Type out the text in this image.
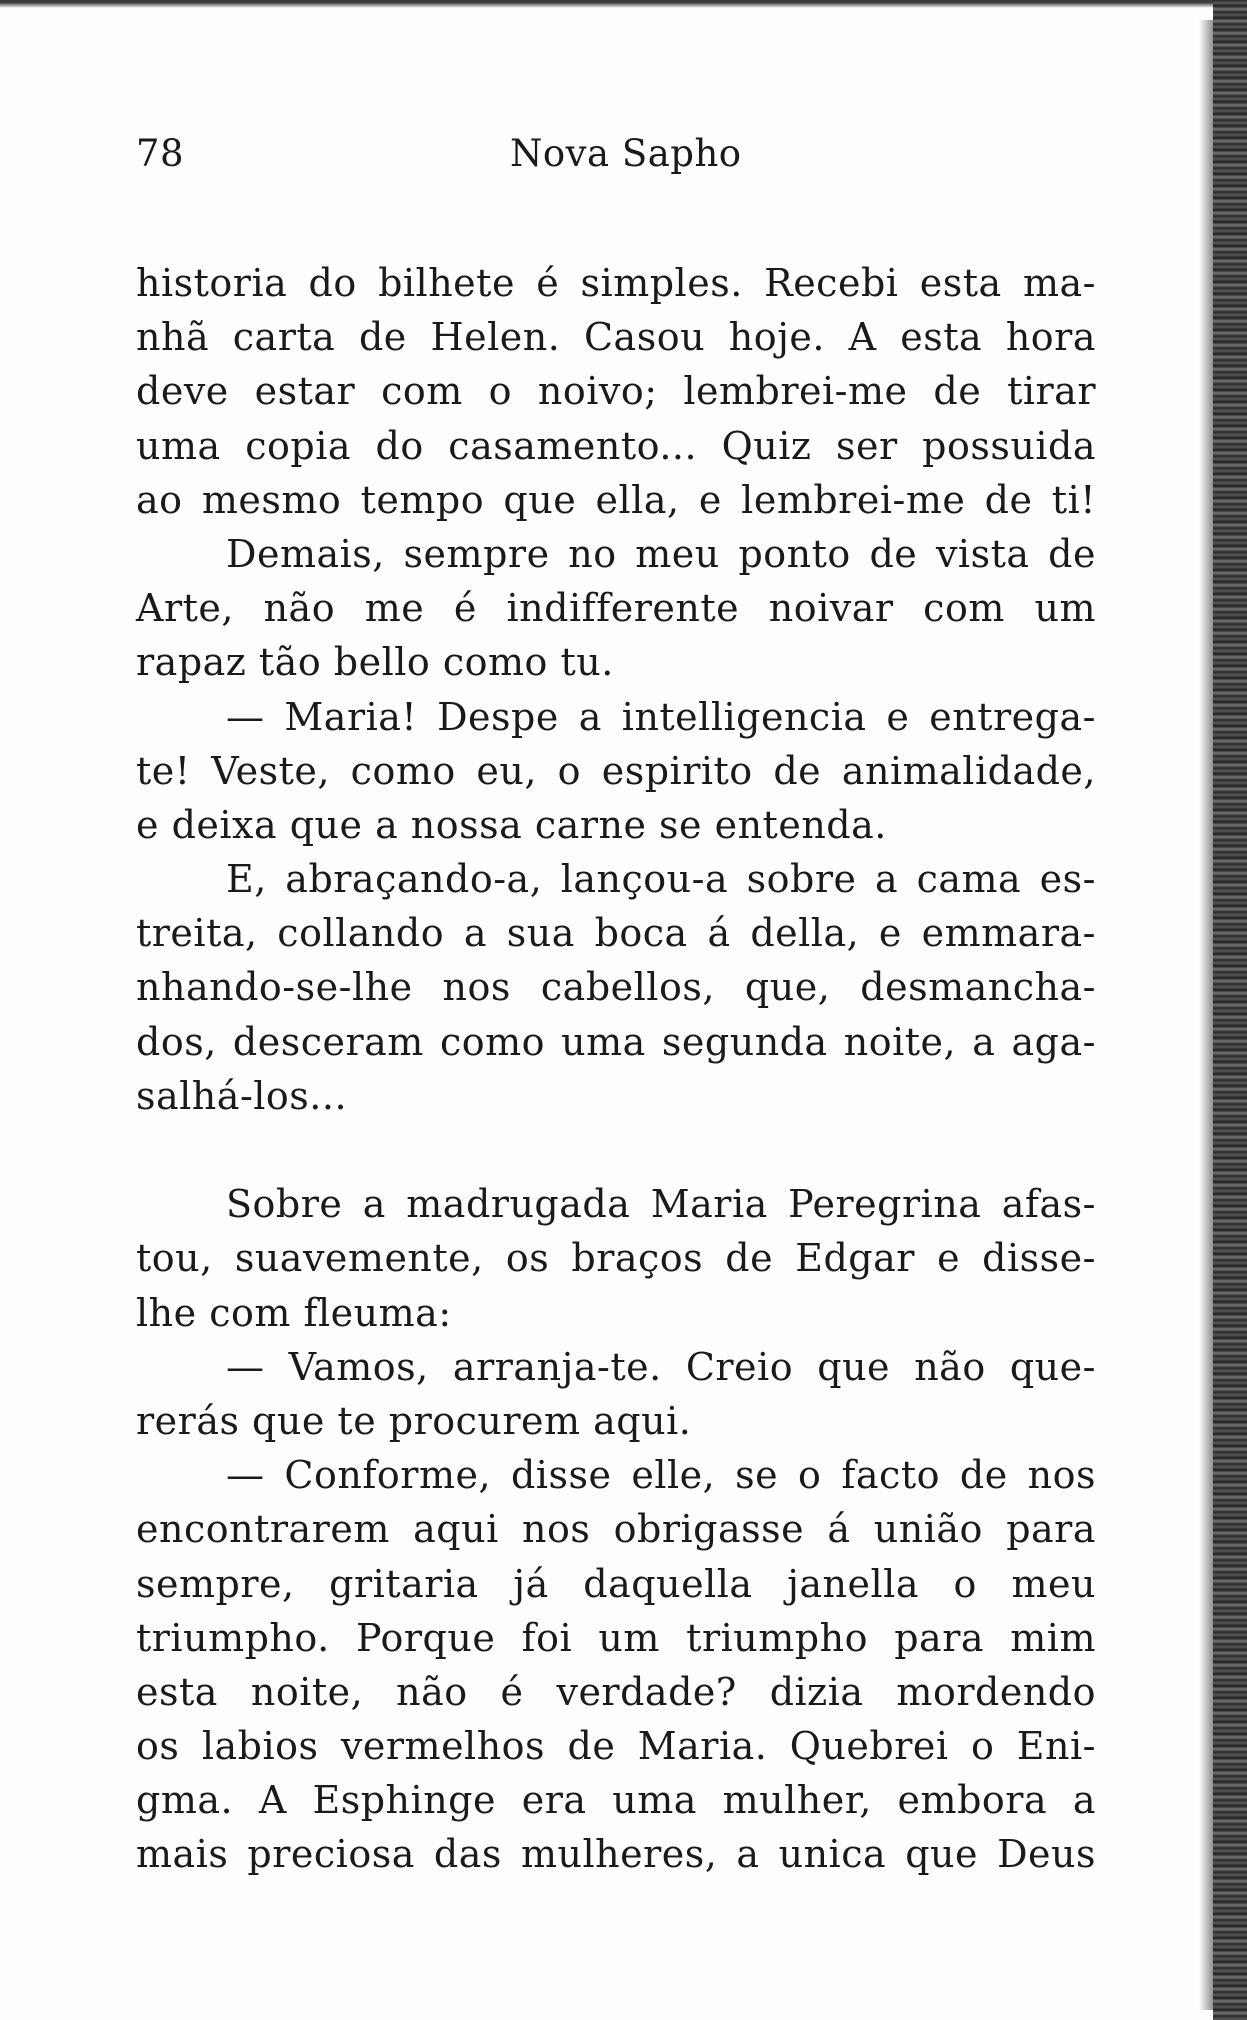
78	Nova Sapho
historia do bilhete é simples. Recebi esta ma-
nhã carta de Helen. Casou hoje. A esta hora
deve estar com o noivo; lembrei-me de tirar
uma copia do casamento... Quiz ser possuida
ao mesmo tempo que ella, e lembrei-me de ti!
Demais, sempre no meu ponto de vista de
Arte, não me é indifferente noivar com um
rapaz tão bello como tu.
— Maria! Despe a intelligencia e entrega-
te! Veste, como eu, o espirito de animalidade,
e deixa que a nossa carne se entenda.
E, abraçando-a, lançou-a sobre a cama es-
treita, collando a sua boca á della, e emmara-
nhando-se-lhe nos cabellos, que, desmancha-
dos, desceram como uma segunda noite, a aga-
salhá-los...
Sobre a madrugada Maria Peregrina afas-
tou, suavemente, os braços de Edgar e disse-
lhe com fleuma:
— Vamos, arranja-te. Creio que não que-
rerás que te procurem aqui.
— Conforme, disse elle, se o facto de nos
encontrarem aqui nos obrigasse á união para
sempre, gritaria já daquella janella o meu
triumpho. Porque foi um triumpho para mim
esta noite, não é verdade? dizia mordendo
os labios vermelhos de Maria. Quebrei o Eni-
gma. A Esphinge era uma mulher, embora a
mais preciosa das mulheres, a unica que Deus
